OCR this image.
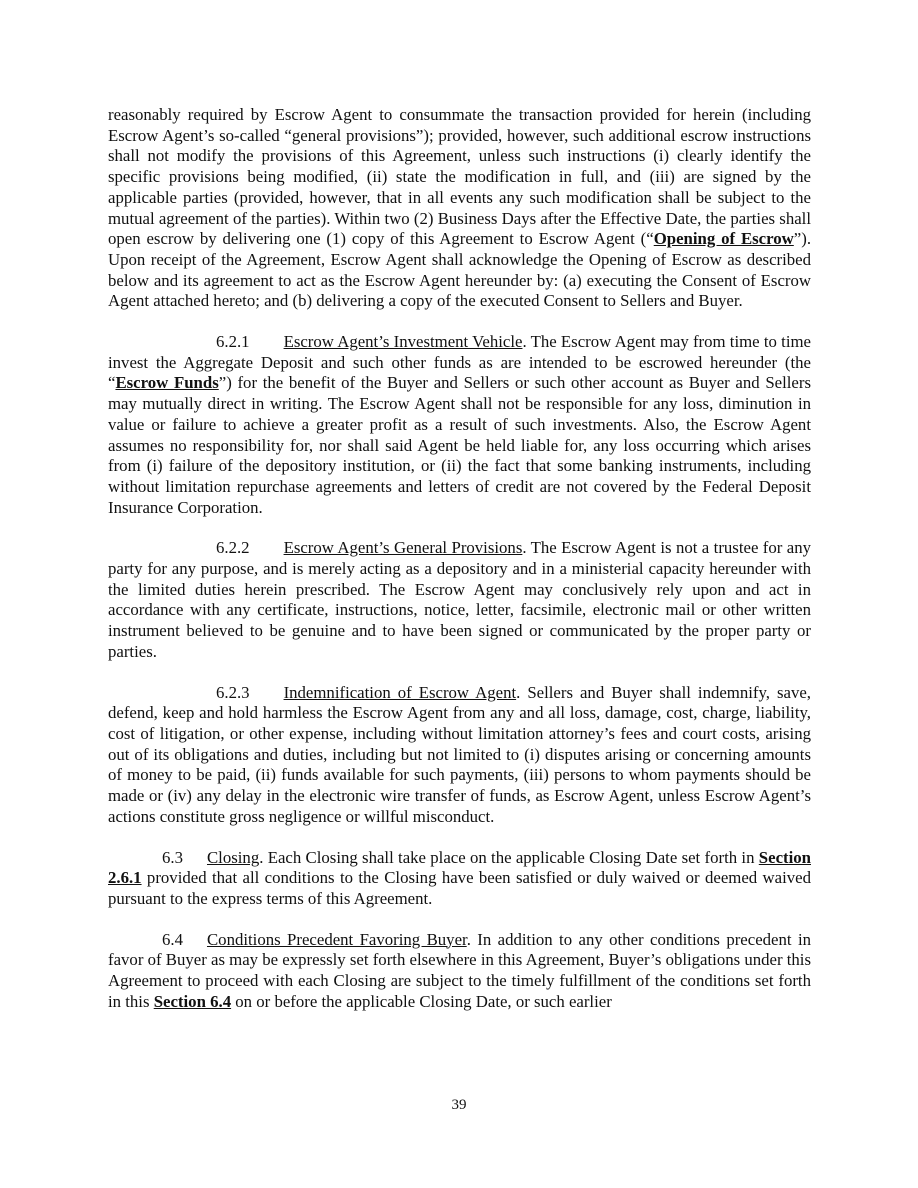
reasonably required by Escrow Agent to consummate the transaction provided for herein (including Escrow Agent’s so-called “general provisions”); provided, however, such additional escrow instructions shall not modify the provisions of this Agreement, unless such instructions (i) clearly identify the specific provisions being modified, (ii) state the modification in full, and (iii) are signed by the applicable parties (provided, however, that in all events any such modification shall be subject to the mutual agreement of the parties). Within two (2) Business Days after the Effective Date, the parties shall open escrow by delivering one (1) copy of this Agreement to Escrow Agent (“Opening of Escrow”). Upon receipt of the Agreement, Escrow Agent shall acknowledge the Opening of Escrow as described below and its agreement to act as the Escrow Agent hereunder by: (a) executing the Consent of Escrow Agent attached hereto; and (b) delivering a copy of the executed Consent to Sellers and Buyer.

6.2.1 Escrow Agent’s Investment Vehicle. The Escrow Agent may from time to time invest the Aggregate Deposit and such other funds as are intended to be escrowed hereunder (the “Escrow Funds”) for the benefit of the Buyer and Sellers or such other account as Buyer and Sellers may mutually direct in writing. The Escrow Agent shall not be responsible for any loss, diminution in value or failure to achieve a greater profit as a result of such investments. Also, the Escrow Agent assumes no responsibility for, nor shall said Agent be held liable for, any loss occurring which arises from (i) failure of the depository institution, or (ii) the fact that some banking instruments, including without limitation repurchase agreements and letters of credit are not covered by the Federal Deposit Insurance Corporation.

6.2.2 Escrow Agent’s General Provisions. The Escrow Agent is not a trustee for any party for any purpose, and is merely acting as a depository and in a ministerial capacity hereunder with the limited duties herein prescribed. The Escrow Agent may conclusively rely upon and act in accordance with any certificate, instructions, notice, letter, facsimile, electronic mail or other written instrument believed to be genuine and to have been signed or communicated by the proper party or parties.

6.2.3 Indemnification of Escrow Agent. Sellers and Buyer shall indemnify, save, defend, keep and hold harmless the Escrow Agent from any and all loss, damage, cost, charge, liability, cost of litigation, or other expense, including without limitation attorney’s fees and court costs, arising out of its obligations and duties, including but not limited to (i) disputes arising or concerning amounts of money to be paid, (ii) funds available for such payments, (iii) persons to whom payments should be made or (iv) any delay in the electronic wire transfer of funds, as Escrow Agent, unless Escrow Agent’s actions constitute gross negligence or willful misconduct.

6.3 Closing. Each Closing shall take place on the applicable Closing Date set forth in Section 2.6.1 provided that all conditions to the Closing have been satisfied or duly waived or deemed waived pursuant to the express terms of this Agreement.

6.4 Conditions Precedent Favoring Buyer. In addition to any other conditions precedent in favor of Buyer as may be expressly set forth elsewhere in this Agreement, Buyer’s obligations under this Agreement to proceed with each Closing are subject to the timely fulfillment of the conditions set forth in this Section 6.4 on or before the applicable Closing Date, or such earlier

39
